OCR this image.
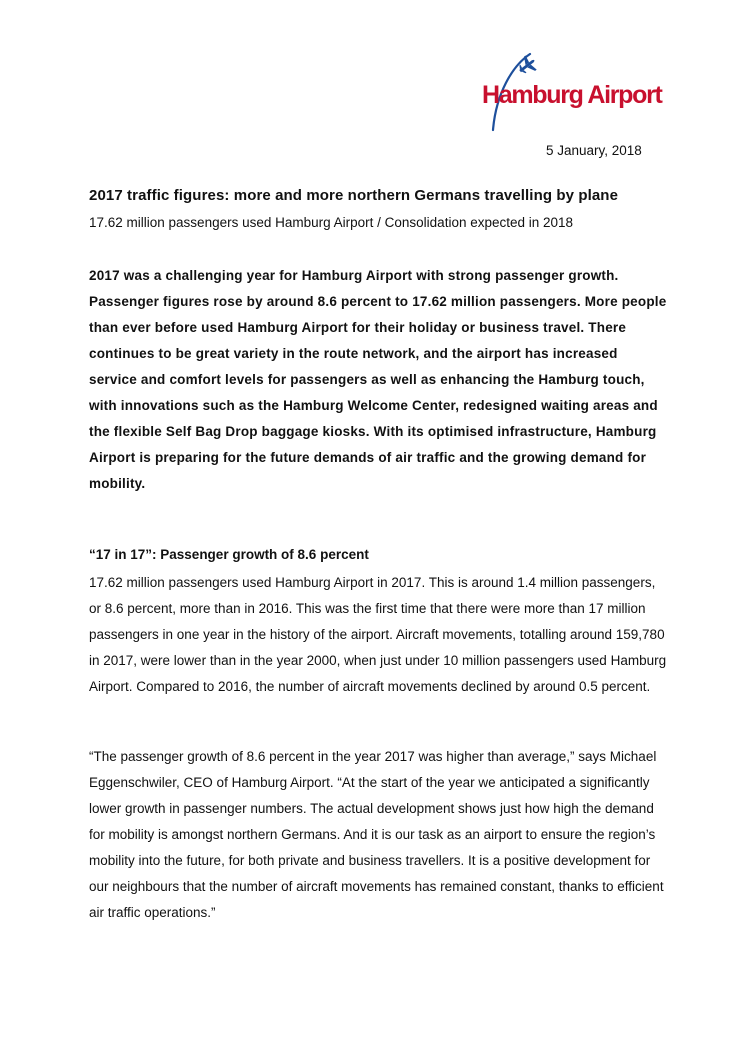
Hamburg Airport
5 January, 2018
2017 traffic figures: more and more northern Germans travelling by plane
17.62 million passengers used Hamburg Airport / Consolidation expected in 2018

2017 was a challenging year for Hamburg Airport with strong passenger growth. Passenger figures rose by around 8.6 percent to 17.62 million passengers. More people than ever before used Hamburg Airport for their holiday or business travel. There continues to be great variety in the route network, and the airport has increased service and comfort levels for passengers as well as enhancing the Hamburg touch, with innovations such as the Hamburg Welcome Center, redesigned waiting areas and the flexible Self Bag Drop baggage kiosks. With its optimised infrastructure, Hamburg Airport is preparing for the future demands of air traffic and the growing demand for mobility.

“17 in 17”: Passenger growth of 8.6 percent

17.62 million passengers used Hamburg Airport in 2017. This is around 1.4 million passengers, or 8.6 percent, more than in 2016. This was the first time that there were more than 17 million passengers in one year in the history of the airport. Aircraft movements, totalling around 159,780 in 2017, were lower than in the year 2000, when just under 10 million passengers used Hamburg Airport. Compared to 2016, the number of aircraft movements declined by around 0.5 percent.

“The passenger growth of 8.6 percent in the year 2017 was higher than average,” says Michael Eggenschwiler, CEO of Hamburg Airport. “At the start of the year we anticipated a significantly lower growth in passenger numbers. The actual development shows just how high the demand for mobility is amongst northern Germans. And it is our task as an airport to ensure the region’s mobility into the future, for both private and business travellers. It is a positive development for our neighbours that the number of aircraft movements has remained constant, thanks to efficient air traffic operations.”
